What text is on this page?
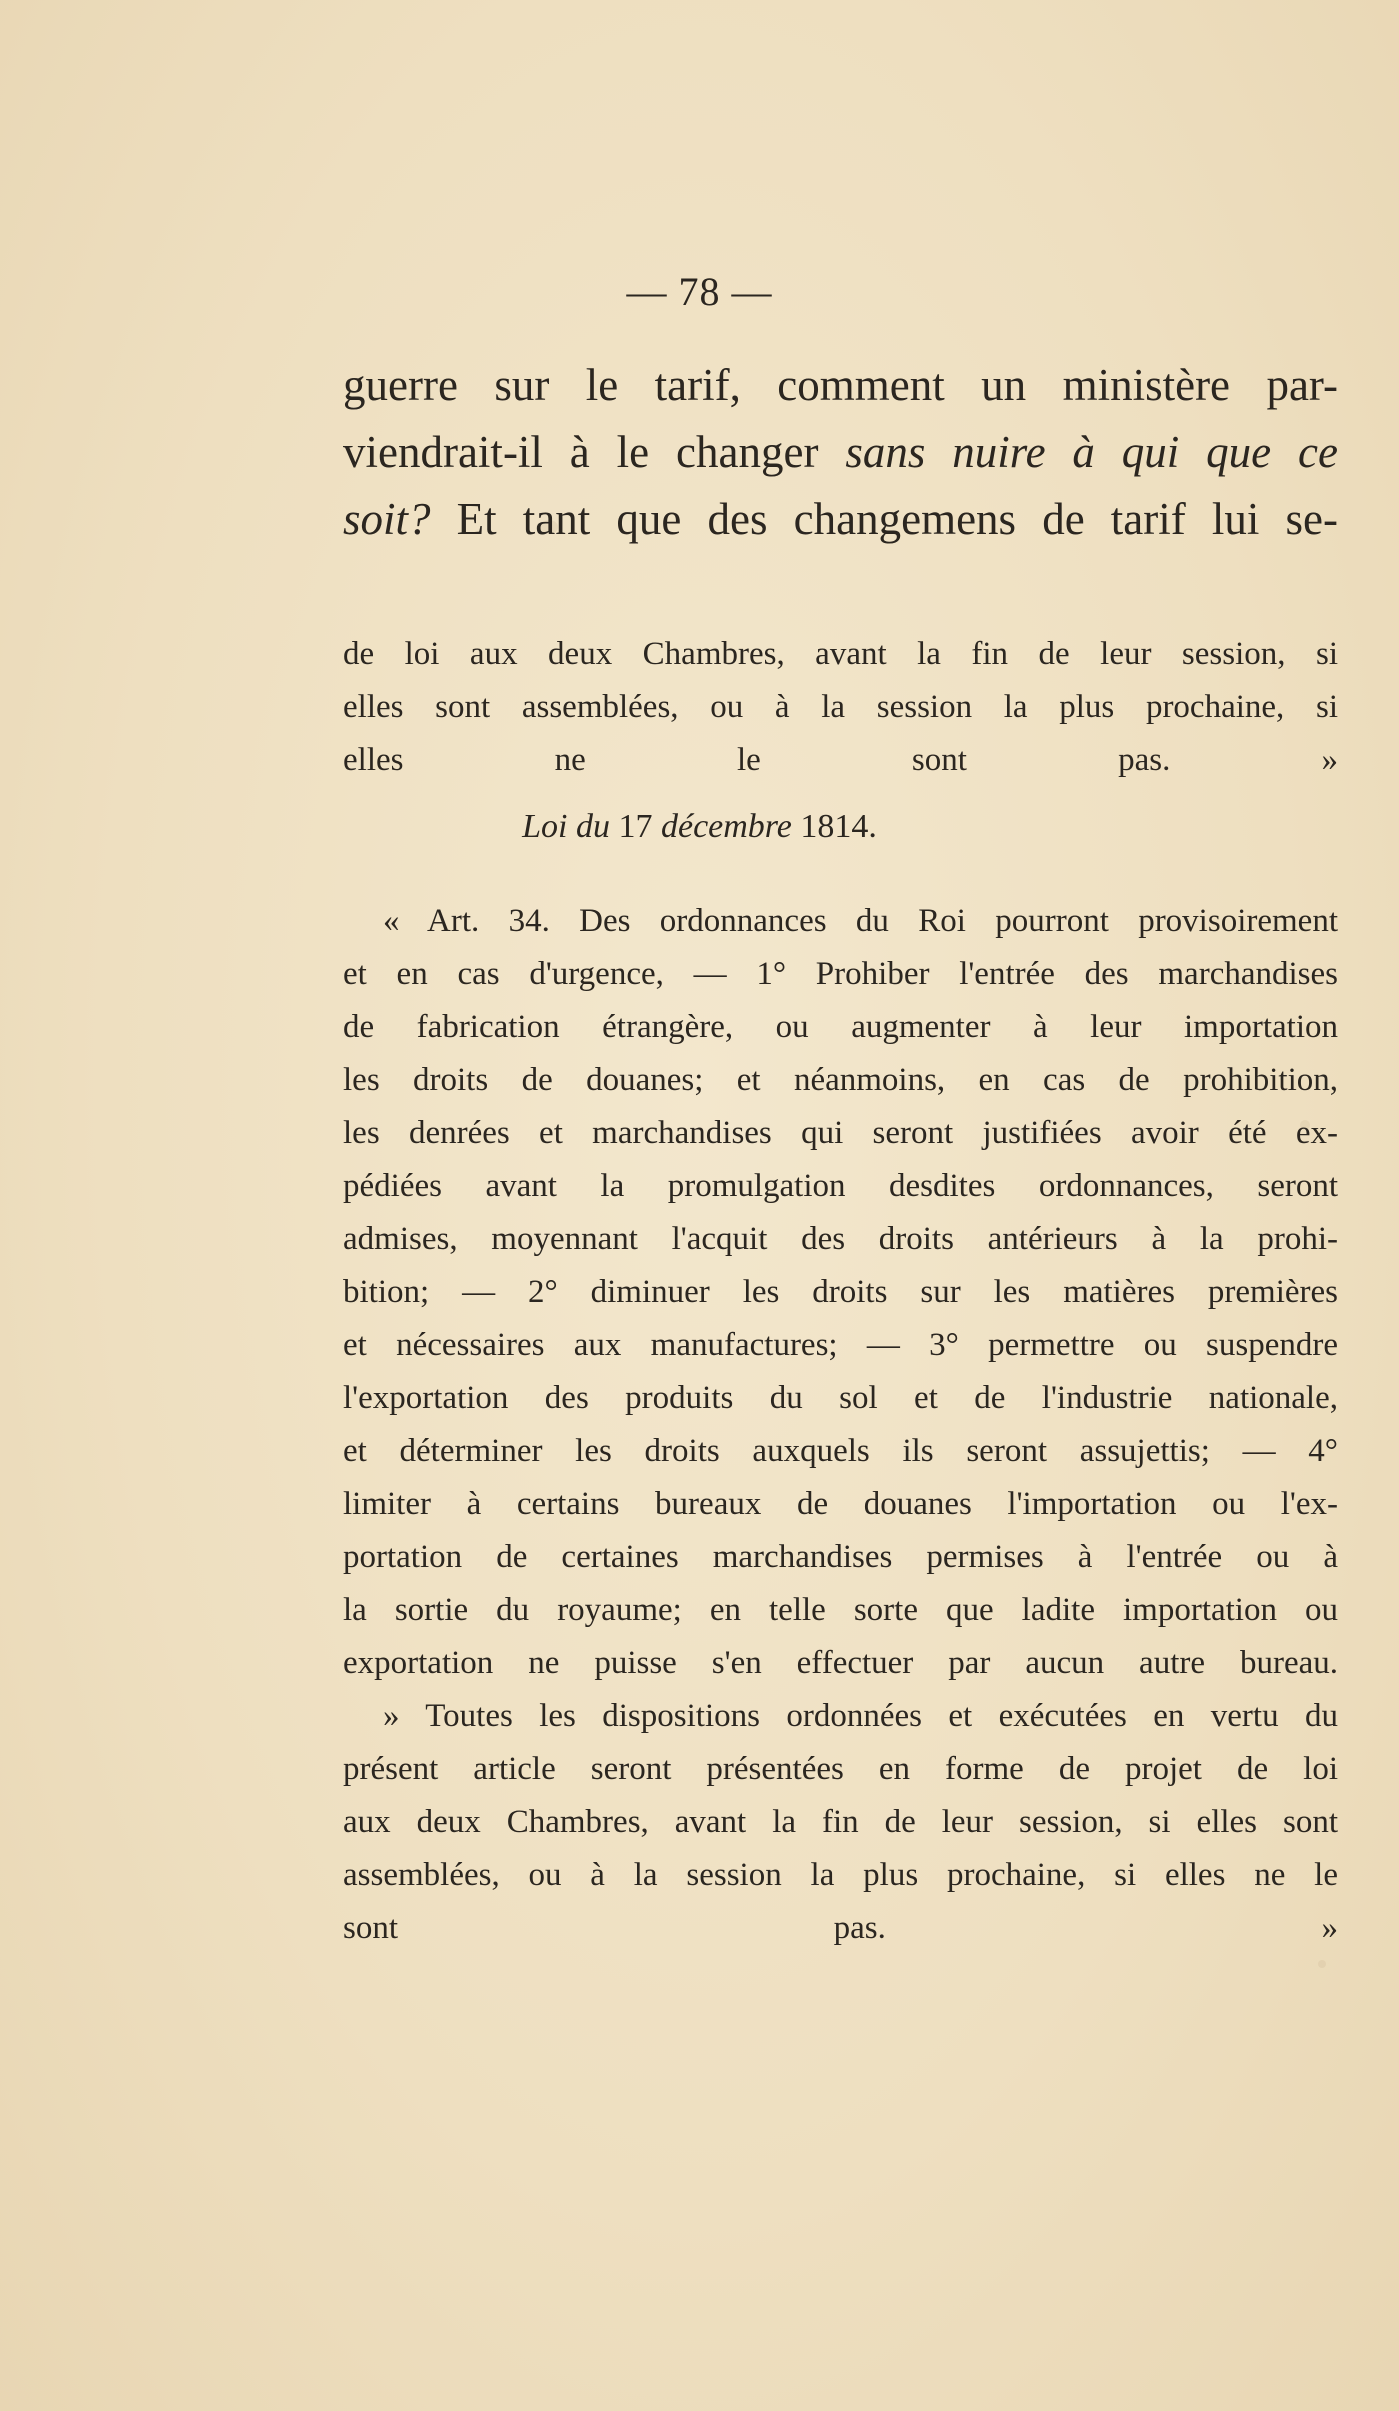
— 78 —
guerre sur le tarif, comment un ministère par-
viendrait-il à le changer sans nuire à qui que ce
soit? Et tant que des changemens de tarif lui se-
de loi aux deux Chambres, avant la fin de leur session, si
elles sont assemblées, ou à la session la plus prochaine, si
elles ne le sont pas. »
Loi du 17 décembre 1814.
« Art. 34. Des ordonnances du Roi pourront provisoirement
et en cas d'urgence, — 1° Prohiber l'entrée des marchandises
de fabrication étrangère, ou augmenter à leur importation
les droits de douanes; et néanmoins, en cas de prohibition,
les denrées et marchandises qui seront justifiées avoir été ex-
pédiées avant la promulgation desdites ordonnances, seront
admises, moyennant l'acquit des droits antérieurs à la prohi-
bition; — 2° diminuer les droits sur les matières premières
et nécessaires aux manufactures; — 3° permettre ou suspendre
l'exportation des produits du sol et de l'industrie nationale,
et déterminer les droits auxquels ils seront assujettis; — 4°
limiter à certains bureaux de douanes l'importation ou l'ex-
portation de certaines marchandises permises à l'entrée ou à
la sortie du royaume; en telle sorte que ladite importation ou
exportation ne puisse s'en effectuer par aucun autre bureau.
» Toutes les dispositions ordonnées et exécutées en vertu du
présent article seront présentées en forme de projet de loi
aux deux Chambres, avant la fin de leur session, si elles sont
assemblées, ou à la session la plus prochaine, si elles ne le
sont pas. »
